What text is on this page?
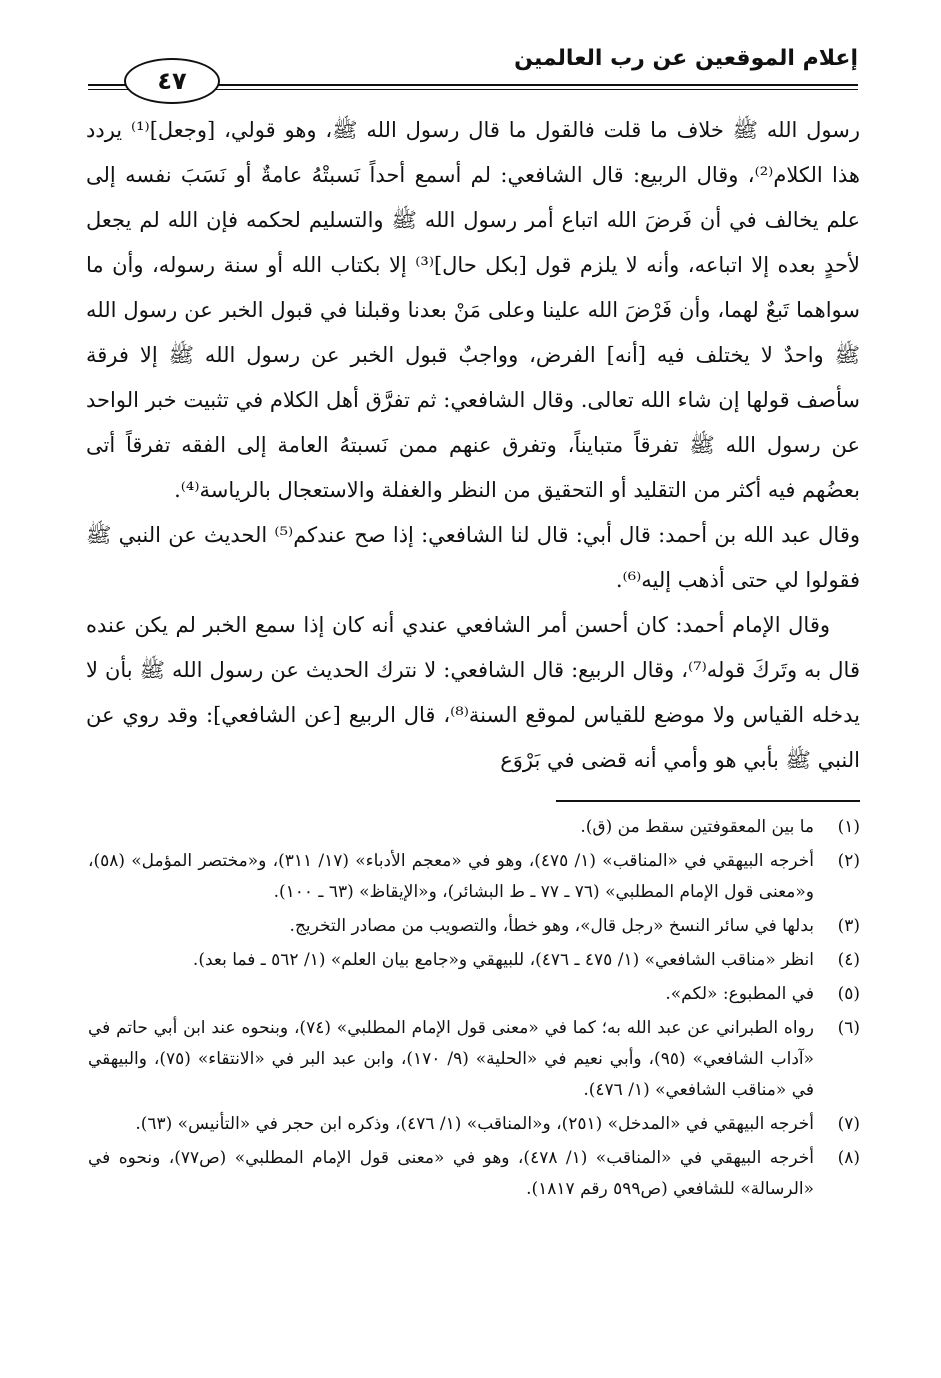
إعلام الموقعين عن رب العالمين
٤٧

رسول الله ﷺ خلاف ما قلت فالقول ما قال رسول الله ﷺ، وهو قولي، [وجعل]⁽¹⁾ يردد هذا الكلام⁽²⁾، وقال الربيع: قال الشافعي: لم أسمع أحداً نَسبتْهُ عامةٌ أو نَسَبَ نفسه إلى علم يخالف في أن فَرضَ الله اتباع أمر رسول الله ﷺ والتسليم لحكمه فإن الله لم يجعل لأحدٍ بعده إلا اتباعه، وأنه لا يلزم قول [بكل حال]⁽³⁾ إلا بكتاب الله أو سنة رسوله، وأن ما سواهما تَبعٌ لهما، وأن فَرْضَ الله علينا وعلى مَنْ بعدنا وقبلنا في قبول الخبر عن رسول الله ﷺ واحدٌ لا يختلف فيه [أنه] الفرض، وواجبٌ قبول الخبر عن رسول الله ﷺ إلا فرقة سأصف قولها إن شاء الله تعالى. وقال الشافعي: ثم تفرَّق أهل الكلام في تثبيت خبر الواحد عن رسول الله ﷺ تفرقاً متبايناً، وتفرق عنهم ممن نَسبتهُ العامة إلى الفقه تفرقاً أتى بعضُهم فيه أكثر من التقليد أو التحقيق من النظر والغفلة والاستعجال بالرياسة⁽⁴⁾.

وقال عبد الله بن أحمد: قال أبي: قال لنا الشافعي: إذا صح عندكم⁽⁵⁾ الحديث عن النبي ﷺ فقولوا لي حتى أذهب إليه⁽⁶⁾.

وقال الإمام أحمد: كان أحسن أمر الشافعي عندي أنه كان إذا سمع الخبر لم يكن عنده قال به وتَركَ قوله⁽⁷⁾، وقال الربيع: قال الشافعي: لا نترك الحديث عن رسول الله ﷺ بأن لا يدخله القياس ولا موضع للقياس لموقع السنة⁽⁸⁾، قال الربيع [عن الشافعي]: وقد روي عن النبي ﷺ بأبي هو وأمي أنه قضى في بَرْوَع

(١)
ما بين المعقوفتين سقط من (ق).
(٢)
أخرجه البيهقي في «المناقب» (١/ ٤٧٥)، وهو في «معجم الأدباء» (١٧/ ٣١١)، و«مختصر المؤمل» (٥٨)، و«معنى قول الإمام المطلبي» (٧٦ ـ ٧٧ ـ ط البشائر)، و«الإيقاظ» (٦٣ ـ ١٠٠).
(٣)
بدلها في سائر النسخ «رجل قال»، وهو خطأ، والتصويب من مصادر التخريج.
(٤)
انظر «مناقب الشافعي» (١/ ٤٧٥ ـ ٤٧٦)، للبيهقي و«جامع بيان العلم» (١/ ٥٦٢ ـ فما بعد).
(٥)
في المطبوع: «لكم».
(٦)
رواه الطبراني عن عبد الله به؛ كما في «معنى قول الإمام المطلبي» (٧٤)، وبنحوه عند ابن أبي حاتم في «آداب الشافعي» (٩٥)، وأبي نعيم في «الحلية» (٩/ ١٧٠)، وابن عبد البر في «الانتقاء» (٧٥)، والبيهقي في «مناقب الشافعي» (١/ ٤٧٦).
(٧)
أخرجه البيهقي في «المدخل» (٢٥١)، و«المناقب» (١/ ٤٧٦)، وذكره ابن حجر في «التأنيس» (٦٣).
(٨)
أخرجه البيهقي في «المناقب» (١/ ٤٧٨)، وهو في «معنى قول الإمام المطلبي» (ص٧٧)، ونحوه في «الرسالة» للشافعي (ص٥٩٩ رقم ١٨١٧).
